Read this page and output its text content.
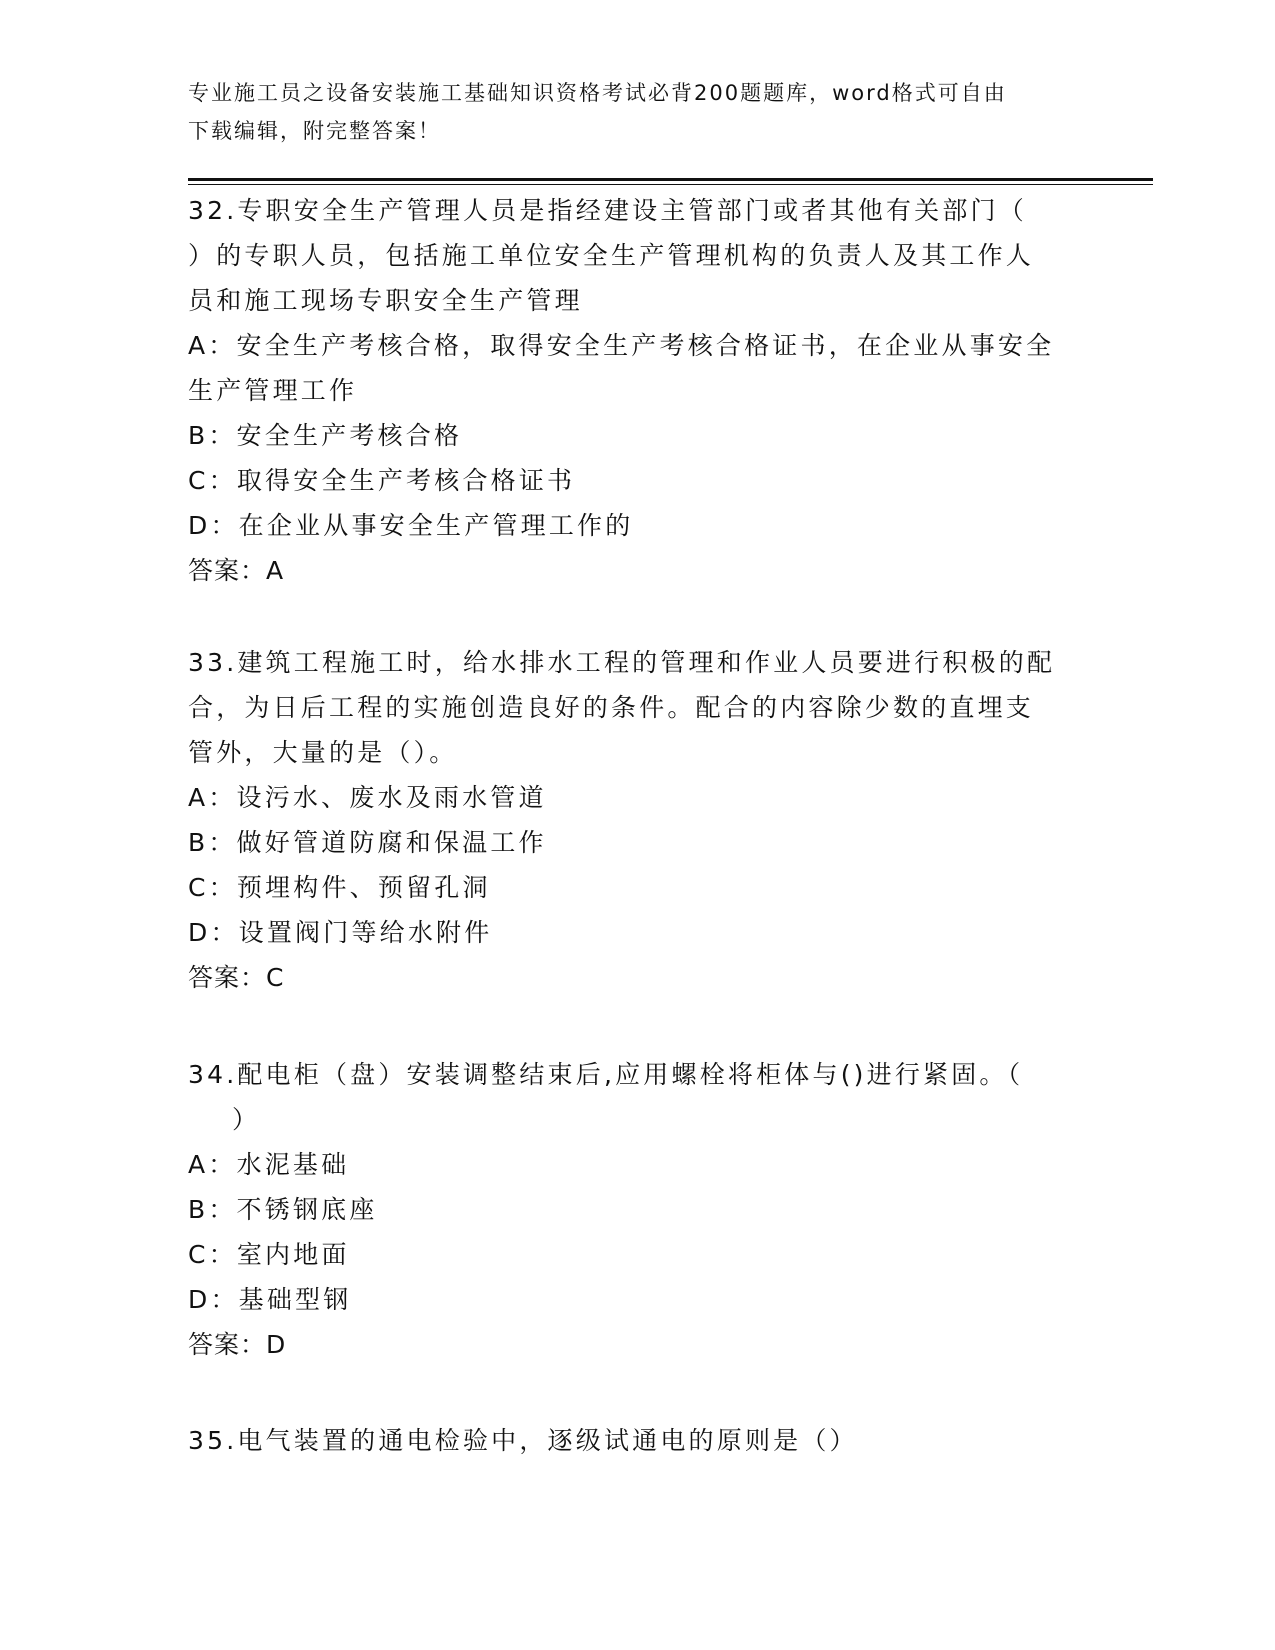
专业施工员之设备安装施工基础知识资格考试必背200题题库，word格式可自由
下载编辑，附完整答案！
32.专职安全生产管理人员是指经建设主管部门或者其他有关部门（
）的专职人员，包括施工单位安全生产管理机构的负责人及其工作人
员和施工现场专职安全生产管理
A：安全生产考核合格，取得安全生产考核合格证书，在企业从事安全
生产管理工作
B：安全生产考核合格
C：取得安全生产考核合格证书
D：在企业从事安全生产管理工作的
答案：A
33.建筑工程施工时，给水排水工程的管理和作业人员要进行积极的配
合，为日后工程的实施创造良好的条件。配合的内容除少数的直埋支
管外，大量的是（）。
A：设污水、废水及雨水管道
B：做好管道防腐和保温工作
C：预埋构件、预留孔洞
D：设置阀门等给水附件
答案：C
34.配电柜（盘）安装调整结束后,应用螺栓将柜体与()进行紧固。（
）
A：水泥基础
B：不锈钢底座
C：室内地面
D：基础型钢
答案：D
35.电气装置的通电检验中，逐级试通电的原则是（）
